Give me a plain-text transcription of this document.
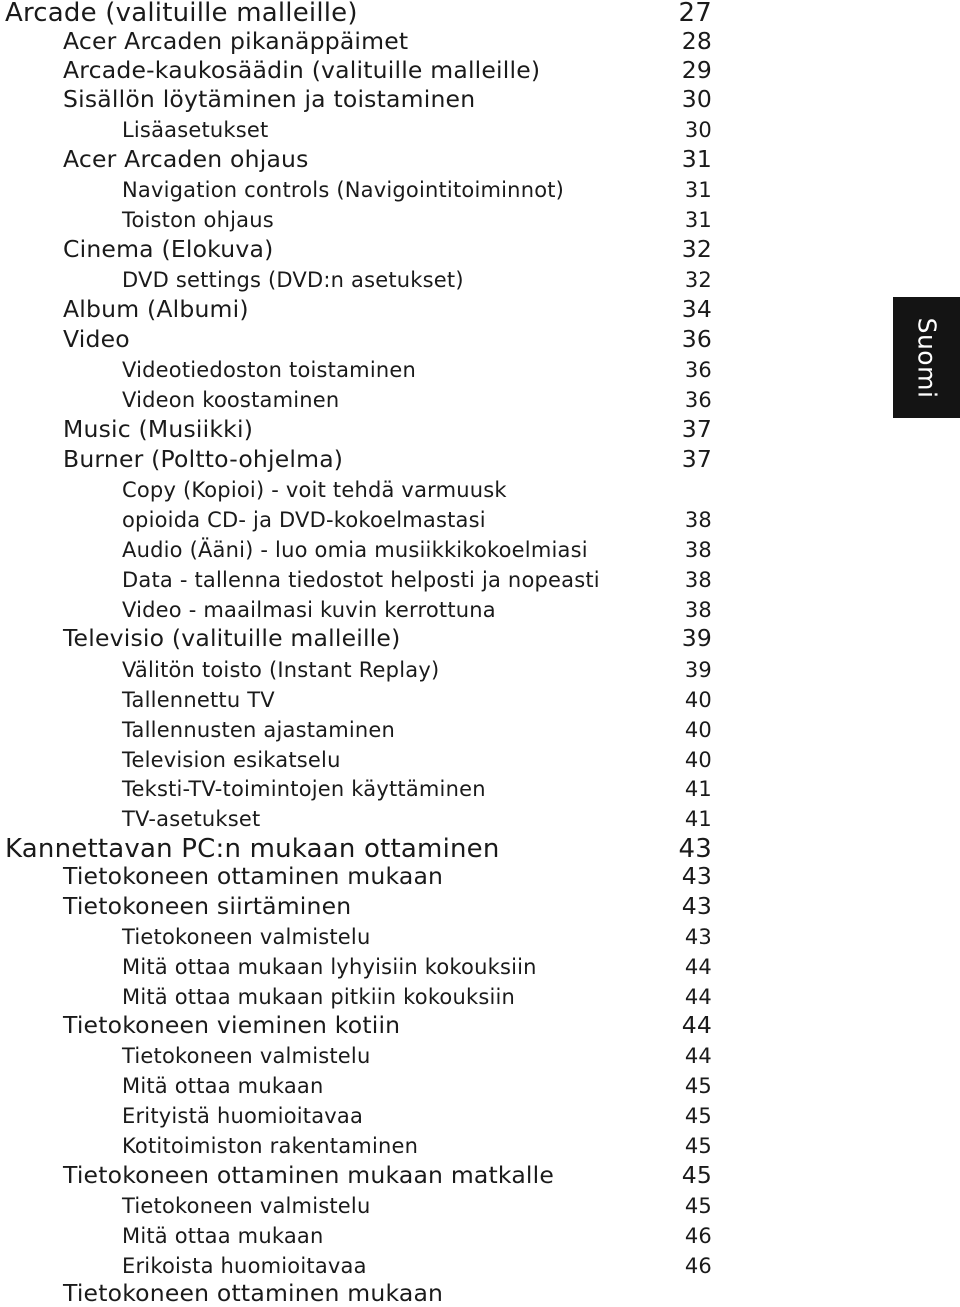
Arcade (valituille malleille)	27
Acer Arcaden pikanäppäimet	28
Arcade-kaukosäädin (valituille malleille)	29
Sisällön löytäminen ja toistaminen	30
Lisäasetukset	30
Acer Arcaden ohjaus	31
Navigation controls (Navigointitoiminnot)	31
Toiston ohjaus	31
Cinema (Elokuva)	32
DVD settings (DVD:n asetukset)	32
Album (Albumi)	34
Video	36
Videotiedoston toistaminen	36
Videon koostaminen	36
Music (Musiikki)	37
Burner (Poltto-ohjelma)	37
Copy (Kopioi) - voit tehdä varmuusk
opioida CD- ja DVD-kokoelmastasi	38
Audio (Ääni) - luo omia musiikkikokoelmiasi	38
Data - tallenna tiedostot helposti ja nopeasti	38
Video - maailmasi kuvin kerrottuna	38
Televisio (valituille malleille)	39
Välitön toisto (Instant Replay)	39
Tallennettu TV	40
Tallennusten ajastaminen	40
Television esikatselu	40
Teksti-TV-toimintojen käyttäminen	41
TV-asetukset	41
Kannettavan PC:n mukaan ottaminen	43
Tietokoneen ottaminen mukaan	43
Tietokoneen siirtäminen	43
Tietokoneen valmistelu	43
Mitä ottaa mukaan lyhyisiin kokouksiin	44
Mitä ottaa mukaan pitkiin kokouksiin	44
Tietokoneen vieminen kotiin	44
Tietokoneen valmistelu	44
Mitä ottaa mukaan	45
Erityistä huomioitavaa	45
Kotitoimiston rakentaminen	45
Tietokoneen ottaminen mukaan matkalle	45
Tietokoneen valmistelu	45
Mitä ottaa mukaan	46
Erikoista huomioitavaa	46
Tietokoneen ottaminen mukaan
Suomi
